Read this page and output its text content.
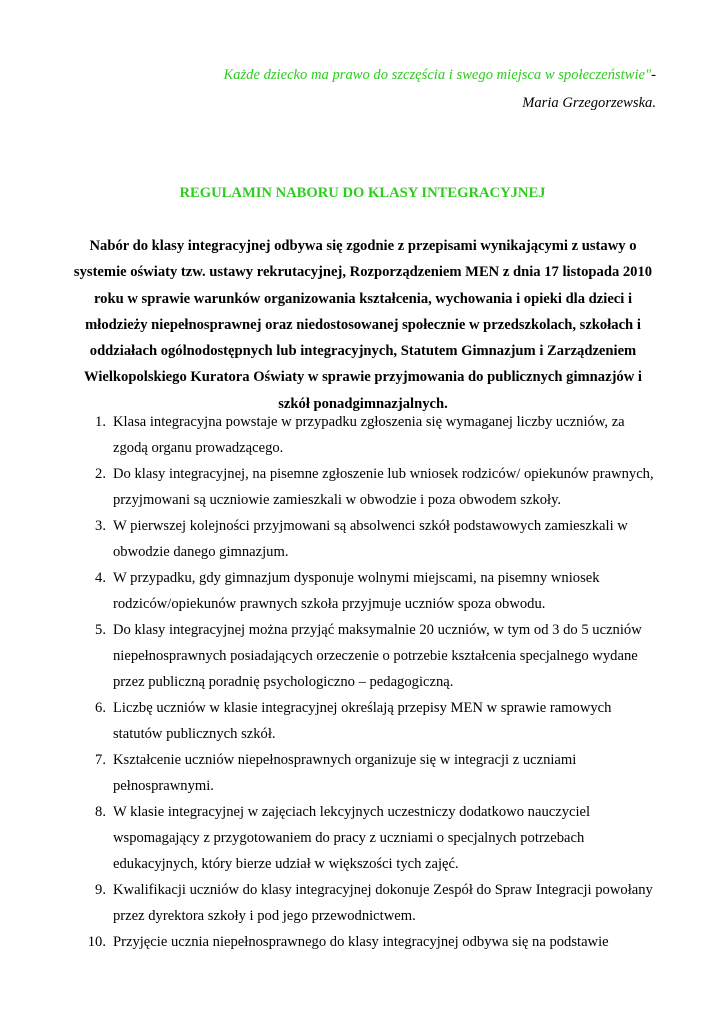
Każde dziecko ma prawo do szczęścia i swego miejsca w społeczeństwie"-
Maria Grzegorzewska.
REGULAMIN NABORU DO KLASY INTEGRACYJNEJ
Nabór do klasy integracyjnej odbywa się zgodnie z przepisami wynikającymi z ustawy o
systemie oświaty tzw. ustawy rekrutacyjnej, Rozporządzeniem MEN z dnia 17 listopada 2010
roku w sprawie warunków organizowania kształcenia, wychowania i opieki dla dzieci i
młodzieży niepełnosprawnej oraz niedostosowanej społecznie w przedszkolach, szkołach i
oddziałach ogólnodostępnych lub integracyjnych, Statutem Gimnazjum i Zarządzeniem
Wielkopolskiego Kuratora Oświaty w sprawie przyjmowania do publicznych gimnazjów i
szkół ponadgimnazjalnych.
1. Klasa integracyjna powstaje w przypadku zgłoszenia się wymaganej liczby uczniów, za
zgodą organu prowadzącego.
2. Do klasy integracyjnej, na pisemne zgłoszenie lub wniosek rodziców/ opiekunów prawnych,
przyjmowani są uczniowie zamieszkali w obwodzie i poza obwodem szkoły.
3. W pierwszej kolejności przyjmowani są absolwenci szkół podstawowych zamieszkali w
obwodzie danego gimnazjum.
4. W przypadku, gdy gimnazjum dysponuje wolnymi miejscami, na pisemny wniosek
rodziców/opiekunów prawnych szkoła przyjmuje uczniów spoza obwodu.
5. Do klasy integracyjnej można przyjąć maksymalnie 20 uczniów, w tym od 3 do 5 uczniów
niepełnosprawnych posiadających orzeczenie o potrzebie kształcenia specjalnego wydane
przez publiczną poradnię psychologiczno – pedagogiczną.
6. Liczbę uczniów w klasie integracyjnej określają przepisy MEN w sprawie ramowych
statutów publicznych szkół.
7. Kształcenie uczniów niepełnosprawnych organizuje się w integracji z uczniami
pełnosprawnymi.
8. W klasie integracyjnej w zajęciach lekcyjnych uczestniczy dodatkowo nauczyciel
wspomagający z przygotowaniem do pracy z uczniami o specjalnych potrzebach
edukacyjnych, który bierze udział w większości tych zajęć.
9. Kwalifikacji uczniów do klasy integracyjnej dokonuje Zespół do Spraw Integracji powołany
przez dyrektora szkoły i pod jego przewodnictwem.
10. Przyjęcie ucznia niepełnosprawnego do klasy integracyjnej odbywa się na podstawie
